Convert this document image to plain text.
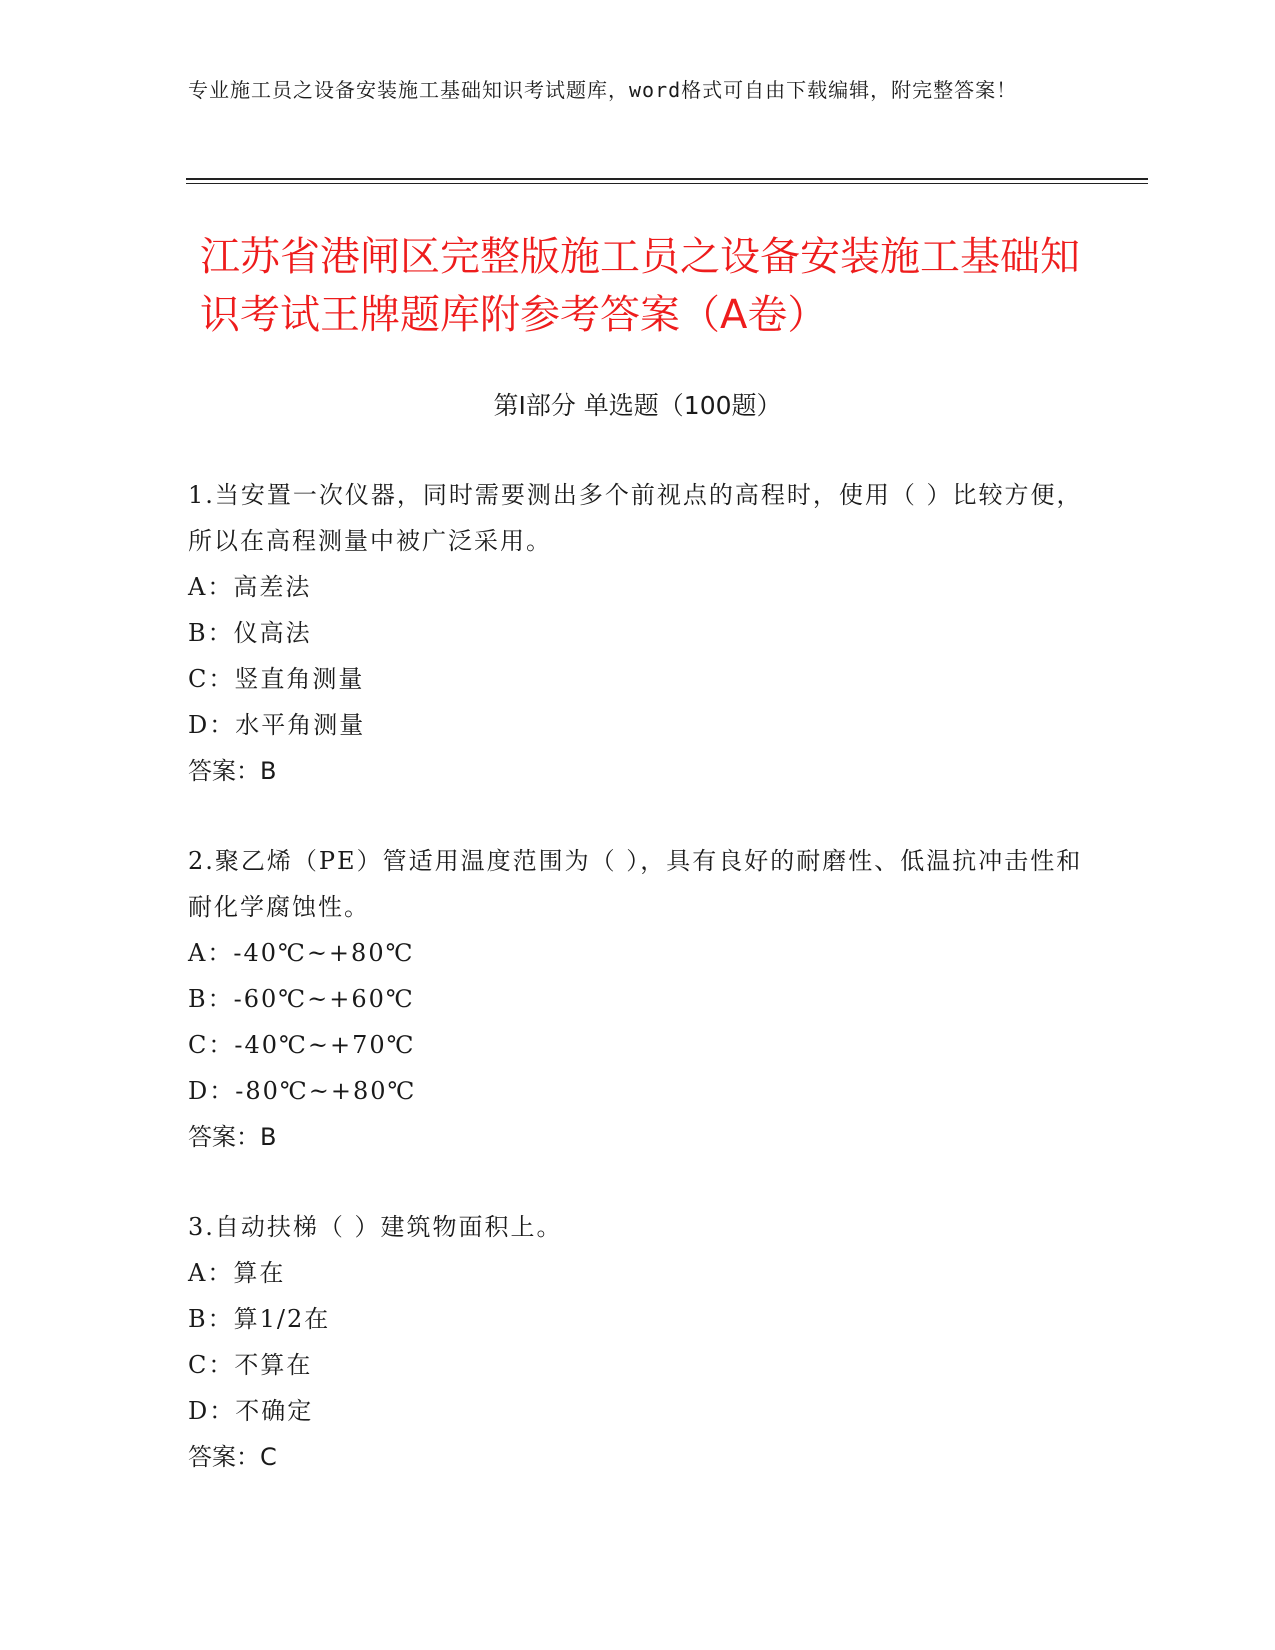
专业施工员之设备安装施工基础知识考试题库，word格式可自由下载编辑，附完整答案！
江苏省港闸区完整版施工员之设备安装施工基础知识考试王牌题库附参考答案（A卷）
第Ⅰ部分 单选题（100题）

1.当安置一次仪器，同时需要测出多个前视点的高程时，使用（ ）比较方便，所以在高程测量中被广泛采用。

A：高差法

B：仪高法

C：竖直角测量

D：水平角测量

答案：B

2.聚乙烯（PE）管适用温度范围为（ ），具有良好的耐磨性、低温抗冲击性和耐化学腐蚀性。

A：-40℃~+80℃

B：-60℃~+60℃

C：-40℃~+70℃

D：-80℃~+80℃

答案：B

3.自动扶梯（ ）建筑物面积上。

A：算在

B：算1/2在

C：不算在

D：不确定

答案：C
